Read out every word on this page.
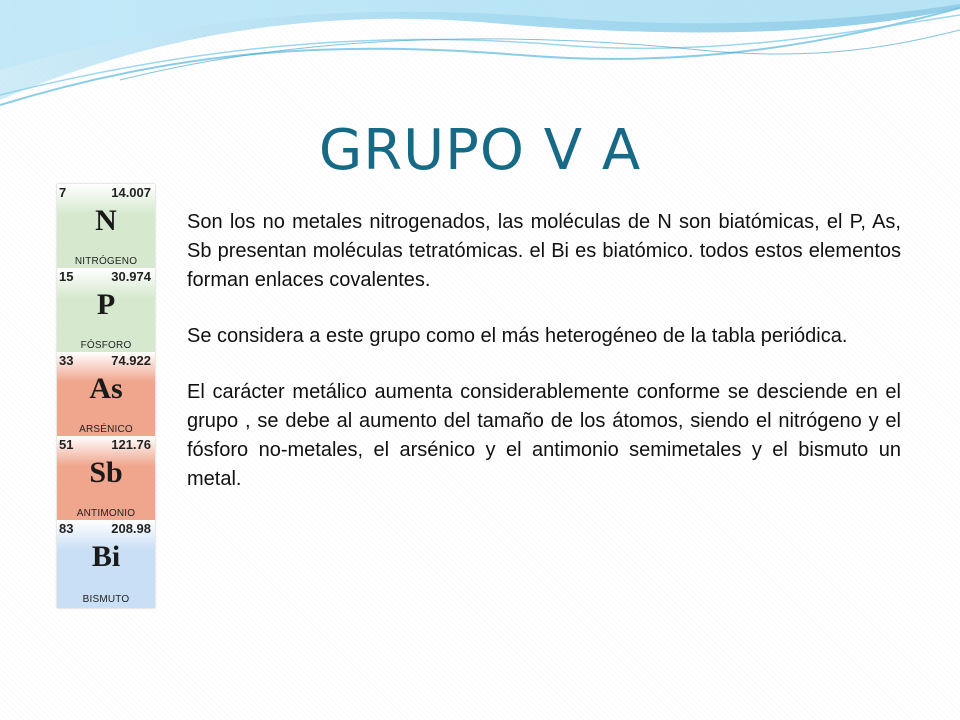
GRUPO V A
7	14.007
N
NITRÓGENO
15	30.974
P
FÓSFORO
33	74.922
As
ARSÉNICO
51	121.76
Sb
ANTIMONIO
83	208.98
Bi
BISMUTO

Son los no metales nitrogenados, las moléculas de N son biatómicas, el P, As, Sb presentan moléculas tetratómicas. el Bi es biatómico. todos estos elementos forman enlaces covalentes.

Se considera a este grupo como el más heterogéneo de la tabla periódica.

El carácter metálico aumenta considerablemente conforme se desciende en el grupo , se debe al aumento del tamaño de los átomos, siendo el nitrógeno y el fósforo no-metales, el arsénico y el antimonio semimetales y el bismuto un metal.
